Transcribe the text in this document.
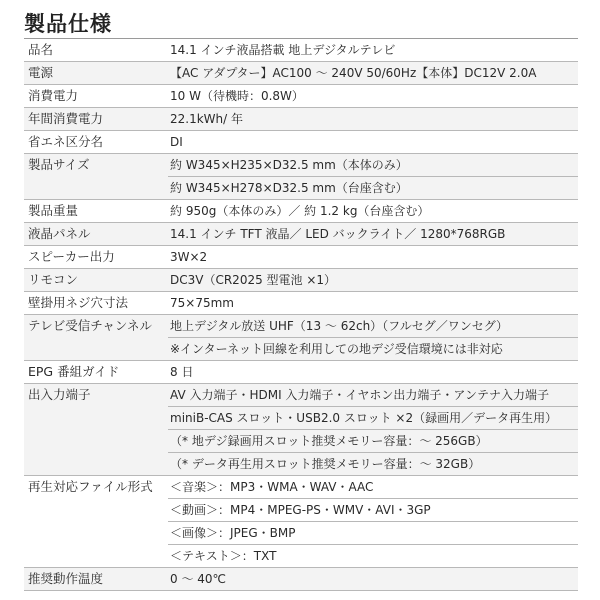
製品仕様
品名	14.1 インチ液晶搭載 地上デジタルテレビ
電源	【AC アダプター】AC100 ～ 240V 50/60Hz【本体】DC12V 2.0A
消費電力	10 W（待機時：0.8W）
年間消費電力	22.1kWh/ 年
省エネ区分名	DI
製品サイズ	約 W345×H235×D32.5 mm（本体のみ）
約 W345×H278×D32.5 mm（台座含む）
製品重量	約 950g（本体のみ）／ 約 1.2 kg（台座含む）
液晶パネル	14.1 インチ TFT 液晶／ LED バックライト／ 1280*768RGB
スピーカー出力	3W×2
リモコン	DC3V（CR2025 型電池 ×1）
壁掛用ネジ穴寸法	75×75mm
テレビ受信チャンネル	地上デジタル放送 UHF（13 ～ 62ch）（フルセグ／ワンセグ）
※インターネット回線を利用しての地デジ受信環境には非対応
EPG 番組ガイド	8 日
出入力端子	AV 入力端子・HDMI 入力端子・イヤホン出力端子・アンテナ入力端子
miniB-CAS スロット・USB2.0 スロット ×2（録画用／データ再生用）
（* 地デジ録画用スロット推奨メモリー容量：～ 256GB）
（* データ再生用スロット推奨メモリー容量：～ 32GB）
再生対応ファイル形式	＜音楽＞：MP3・WMA・WAV・AAC
＜動画＞：MP4・MPEG-PS・WMV・AVI・3GP
＜画像＞：JPEG・BMP
＜テキスト＞：TXT
推奨動作温度	0 ～ 40℃
